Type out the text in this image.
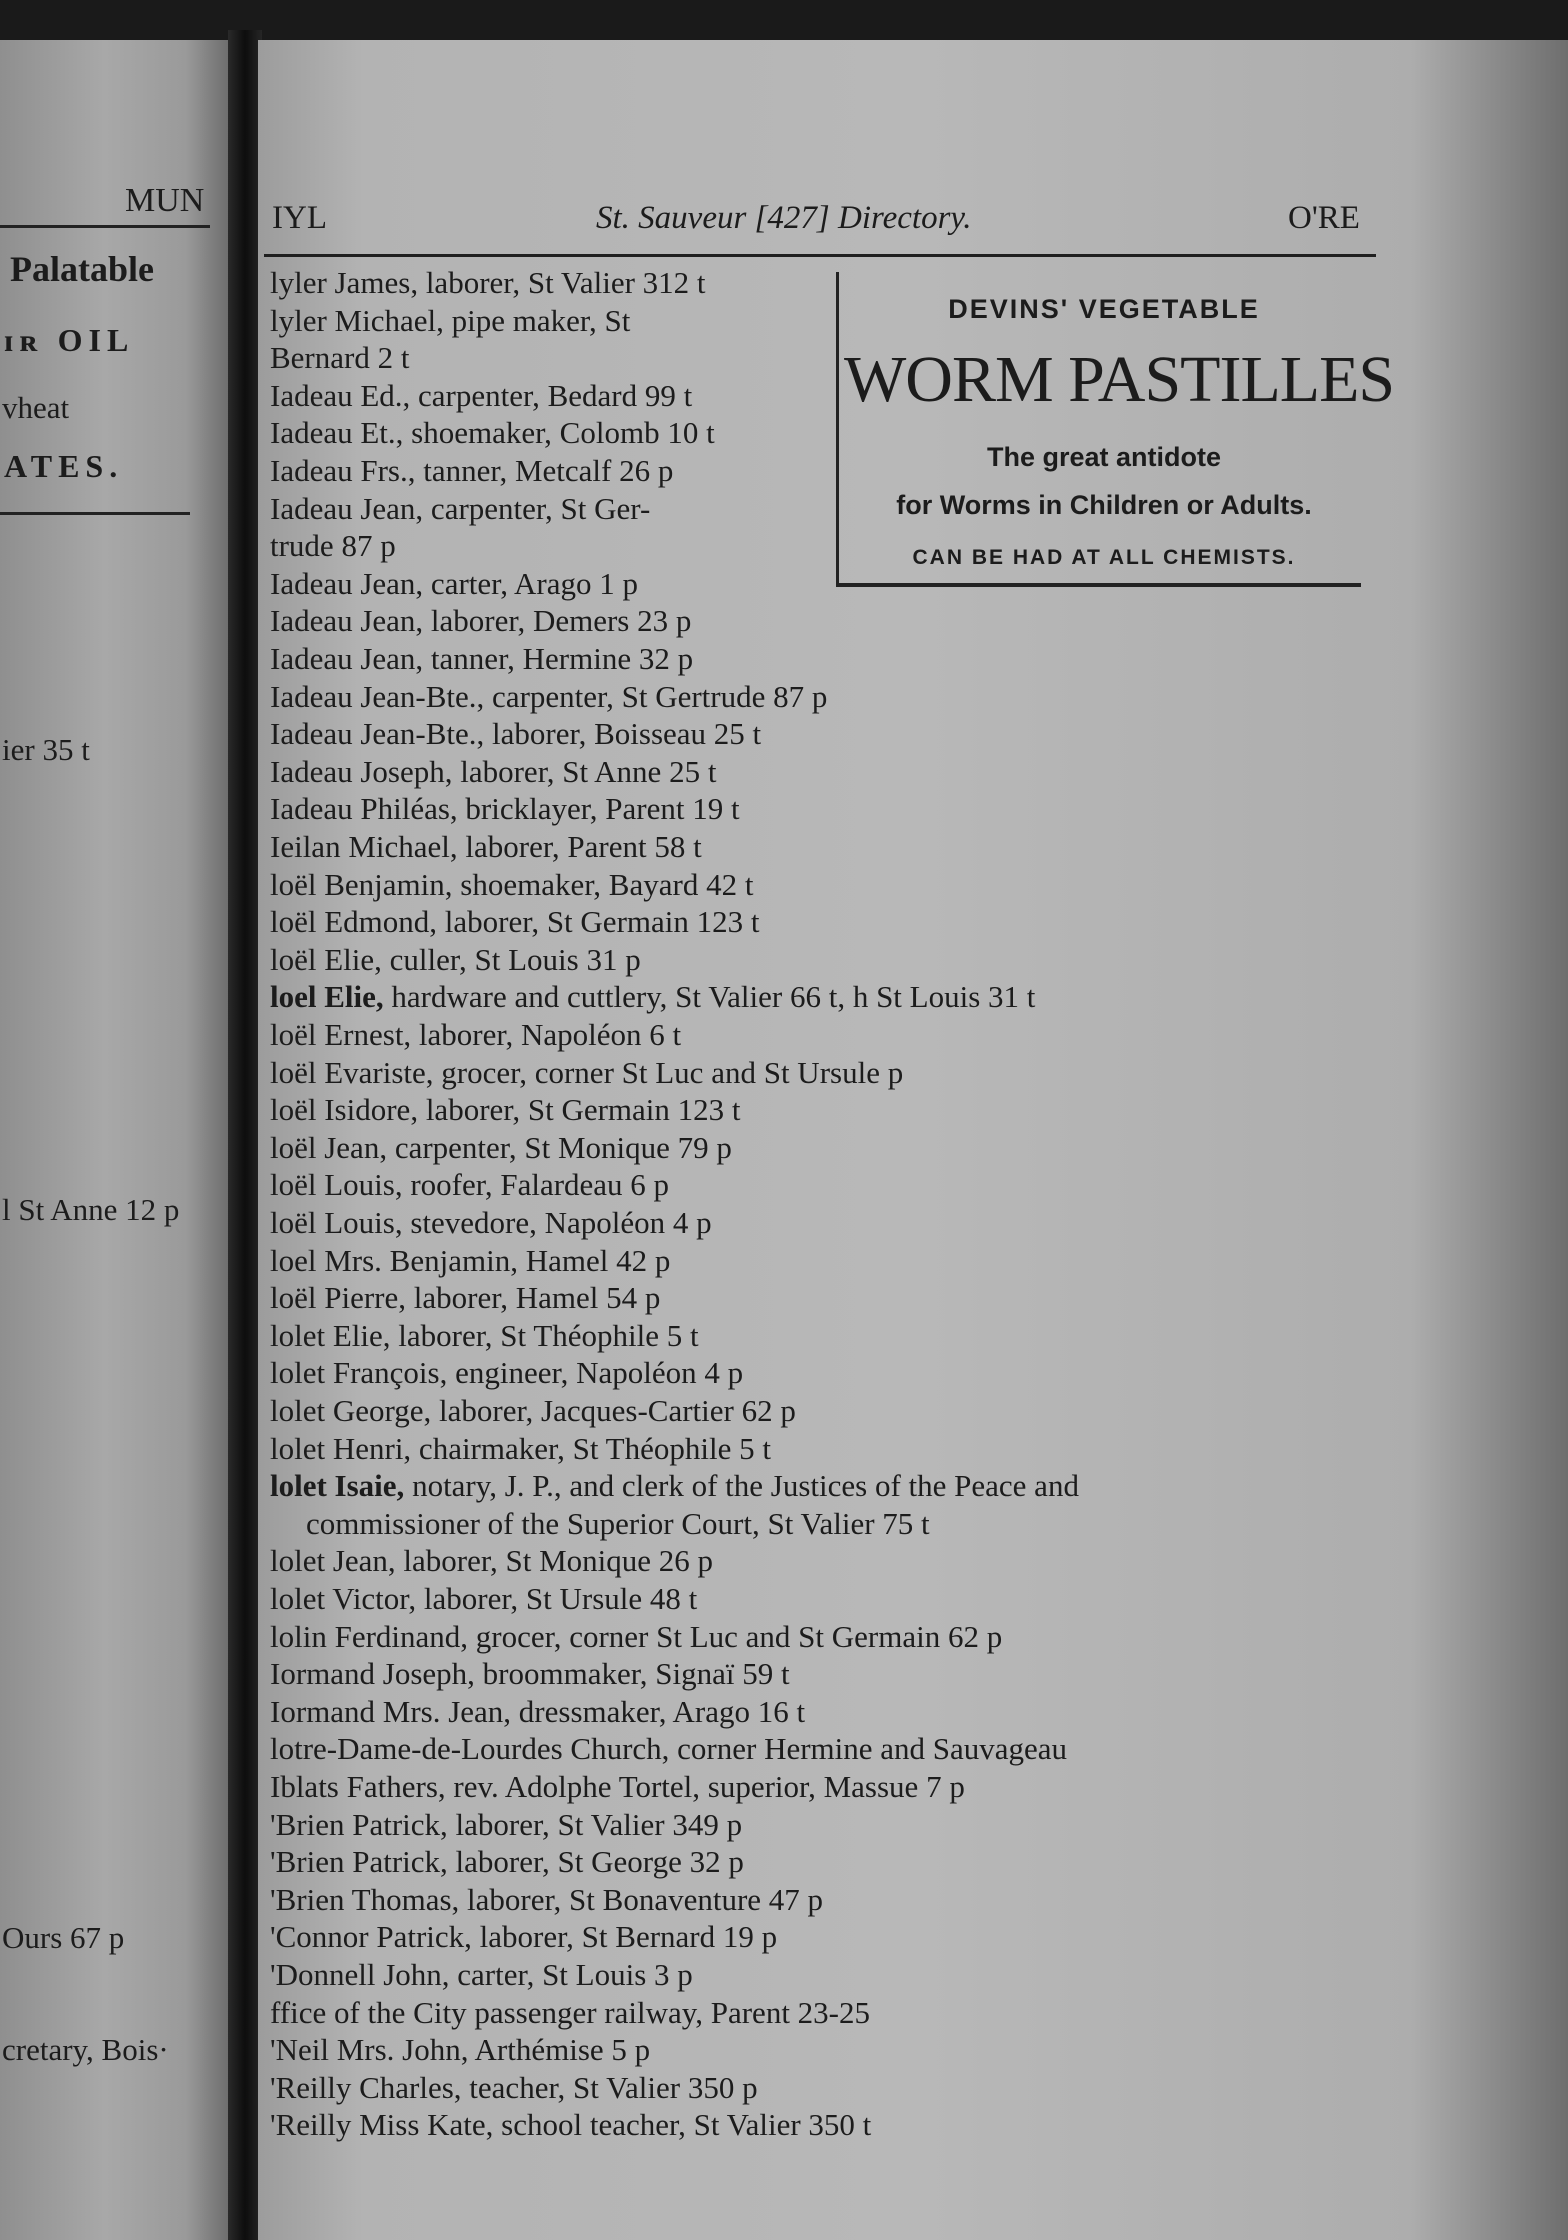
MUN
Palatable
ɪʀ OIL
vheat
ATES.
ier 35 t
l St Anne 12 p
Ours 67 p
cretary, Bois·
IYL	St. Sauveur [427] Directory.	O'RE
DEVINS' VEGETABLE
WORM PASTILLES
The great antidote
for Worms in Children or Adults.
CAN BE HAD AT ALL CHEMISTS.
lyler James, laborer, St Valier 312 t
lyler Michael, pipe maker, St
Bernard 2 t
Iadeau Ed., carpenter, Bedard 99 t
Iadeau Et., shoemaker, Colomb 10 t
Iadeau Frs., tanner, Metcalf 26 p
Iadeau Jean, carpenter, St Ger-
trude 87 p
Iadeau Jean, carter, Arago 1 p
Iadeau Jean, laborer, Demers 23 p
Iadeau Jean, tanner, Hermine 32 p
Iadeau Jean-Bte., carpenter, St Gertrude 87 p
Iadeau Jean-Bte., laborer, Boisseau 25 t
Iadeau Joseph, laborer, St Anne 25 t
Iadeau Philéas, bricklayer, Parent 19 t
Ieilan Michael, laborer, Parent 58 t
loël Benjamin, shoemaker, Bayard 42 t
loël Edmond, laborer, St Germain 123 t
loël Elie, culler, St Louis 31 p
loel Elie, hardware and cuttlery, St Valier 66 t, h St Louis 31 t
loël Ernest, laborer, Napoléon 6 t
loël Evariste, grocer, corner St Luc and St Ursule p
loël Isidore, laborer, St Germain 123 t
loël Jean, carpenter, St Monique 79 p
loël Louis, roofer, Falardeau 6 p
loël Louis, stevedore, Napoléon 4 p
loel Mrs. Benjamin, Hamel 42 p
loël Pierre, laborer, Hamel 54 p
lolet Elie, laborer, St Théophile 5 t
lolet François, engineer, Napoléon 4 p
lolet George, laborer, Jacques-Cartier 62 p
lolet Henri, chairmaker, St Théophile 5 t
lolet Isaie, notary, J. P., and clerk of the Justices of the Peace and
commissioner of the Superior Court, St Valier 75 t
lolet Jean, laborer, St Monique 26 p
lolet Victor, laborer, St Ursule 48 t
lolin Ferdinand, grocer, corner St Luc and St Germain 62 p
Iormand Joseph, broommaker, Signaï 59 t
Iormand Mrs. Jean, dressmaker, Arago 16 t
lotre-Dame-de-Lourdes Church, corner Hermine and Sauvageau
Iblats Fathers, rev. Adolphe Tortel, superior, Massue 7 p
'Brien Patrick, laborer, St Valier 349 p
'Brien Patrick, laborer, St George 32 p
'Brien Thomas, laborer, St Bonaventure 47 p
'Connor Patrick, laborer, St Bernard 19 p
'Donnell John, carter, St Louis 3 p
ffice of the City passenger railway, Parent 23-25
'Neil Mrs. John, Arthémise 5 p
'Reilly Charles, teacher, St Valier 350 p
'Reilly Miss Kate, school teacher, St Valier 350 t
